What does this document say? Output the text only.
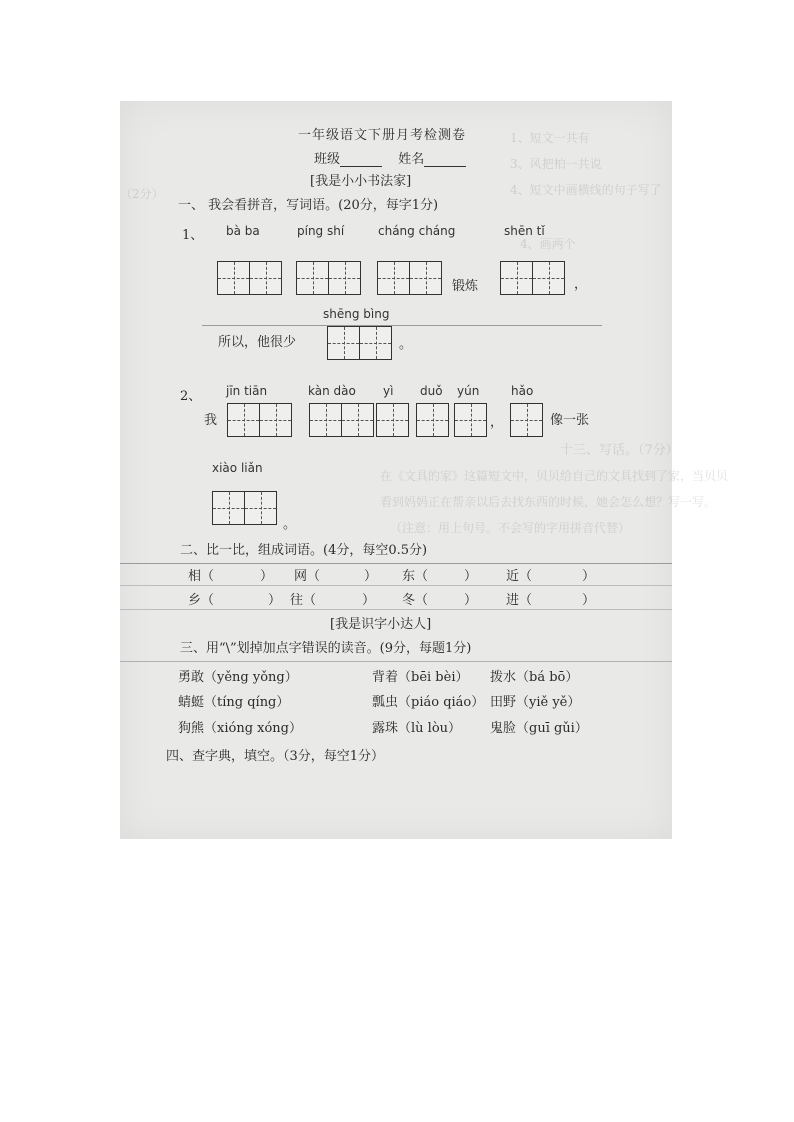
1、短文一共有
3、风把柏一共说
4、短文中画横线的句子写了
（2分）
4、画两个
十三、写话。（7分）
在《文具的家》这篇短文中，贝贝给自己的文具找到了家，当贝贝
看到妈妈正在帮亲以后去找东西的时候，她会怎么想？写一写。
（注意：用上句号。不会写的字用拼音代替）
一年级语文下册月考检测卷
班级	姓名
[我是小小书法家]
一、 我会看拼音，写词语。(20分，每字1分)
1、 bà ba	píng shí	cháng cháng	shēn tǐ
锻炼	，
shēng bìng
所以，他很少	。
2、 jīn tiān	kàn dào yì duǒ yún	hǎo
我	，	像一张
xiào liǎn
。
二、比一比，组成词语。(4分，每空0.5分)
相（	） 网（	） 东（	） 近（	）
乡（	） 往（	） 冬（	） 进（	）
[我是识字小达人]
三、用“\”划掉加点字错误的读音。(9分，每题1分)
勇敢（yěng yǒng）	背着（bēi bèi） 拨水（bá bō）
蜻蜓（tíng qíng）	瓢虫（piáo qiáo） 田野（yiě yě）
狗熊（xióng xóng）	露珠（lù lòu） 鬼脸（guī gǔi）
四、查字典，填空。（3分，每空1分）
